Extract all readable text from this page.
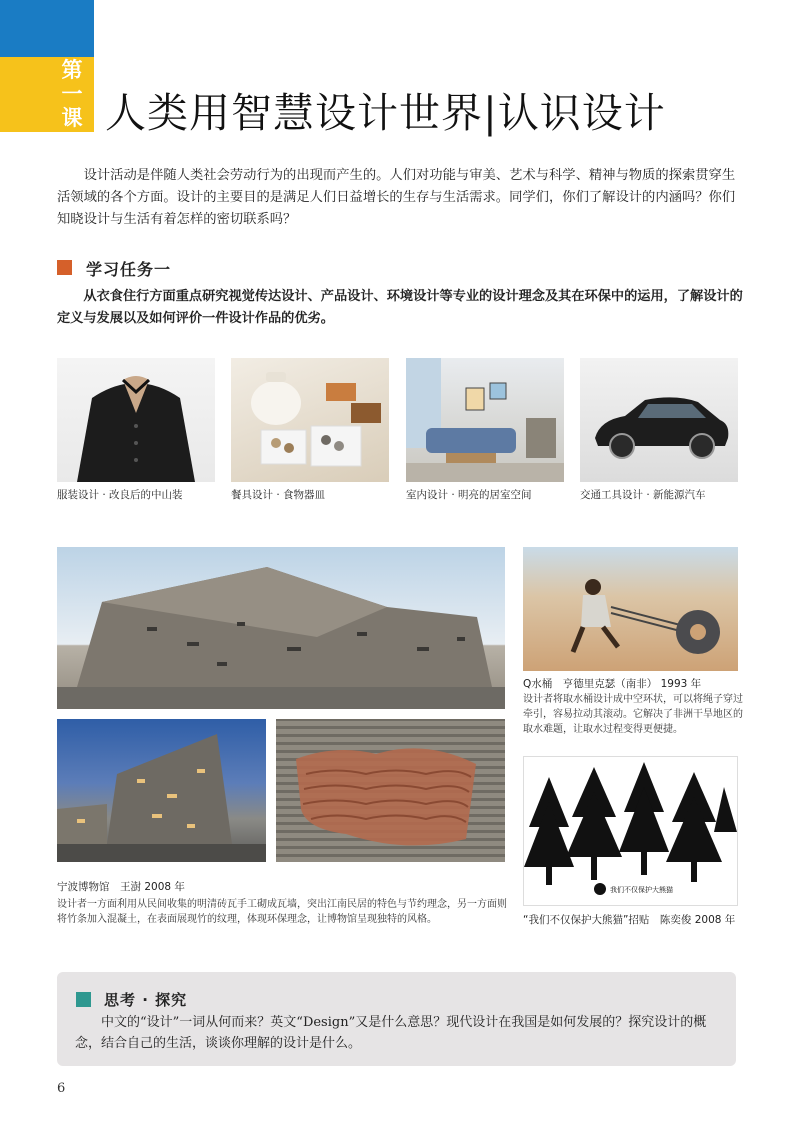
第
一
课 人类用智慧设计世界|认识设计
设计活动是伴随人类社会劳动行为的出现而产生的。人们对功能与审美、艺术与科学、精神与物质的探索贯穿生活领域的各个方面。设计的主要目的是满足人们日益增长的生存与生活需求。同学们，你们了解设计的内涵吗？你们知晓设计与生活有着怎样的密切联系吗？
学习任务一
从衣食住行方面重点研究视觉传达设计、产品设计、环境设计等专业的设计理念及其在环保中的运用，了解设计的定义与发展以及如何评价一件设计作品的优劣。
服装设计 · 改良后的中山装	餐具设计 · 食物器皿	室内设计 · 明亮的居室空间	交通工具设计 · 新能源汽车
Q水桶　亨德里克瑟（南非） 1993 年
设计者将取水桶设计成中空环状，可以将绳子穿过牵引，容易拉动其滚动。它解决了非洲干旱地区的取水难题，让取水过程变得更便捷。
宁波博物馆　王澍 2008 年
设计者一方面利用从民间收集的明清砖瓦手工砌成瓦墙，突出江南民居的特色与节约理念，另一方面则将竹条加入混凝土，在表面展现竹的纹理，体现环保理念，让博物馆呈现独特的风格。
我们不仅保护大熊猫
“我们不仅保护大熊猫”招贴　陈奕俊 2008 年
思考 · 探究
中文的“设计”一词从何而来？英文“Design”又是什么意思？现代设计在我国是如何发展的？探究设计的概念，结合自己的生活，谈谈你理解的设计是什么。
6
